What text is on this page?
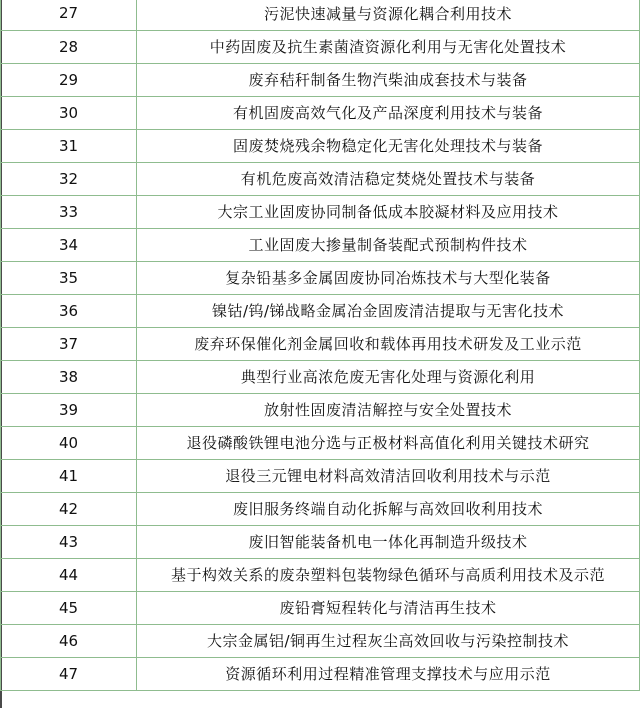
27	污泥快速减量与资源化耦合利用技术
28	中药固废及抗生素菌渣资源化利用与无害化处置技术
29	废弃秸秆制备生物汽柴油成套技术与装备
30	有机固废高效气化及产品深度利用技术与装备
31	固废焚烧残余物稳定化无害化处理技术与装备
32	有机危废高效清洁稳定焚烧处置技术与装备
33	大宗工业固废协同制备低成本胶凝材料及应用技术
34	工业固废大掺量制备装配式预制构件技术
35	复杂铅基多金属固废协同冶炼技术与大型化装备
36	镍钴/钨/锑战略金属冶金固废清洁提取与无害化技术
37	废弃环保催化剂金属回收和载体再用技术研发及工业示范
38	典型行业高浓危废无害化处理与资源化利用
39	放射性固废清洁解控与安全处置技术
40	退役磷酸铁锂电池分选与正极材料高值化利用关键技术研究
41	退役三元锂电材料高效清洁回收利用技术与示范
42	废旧服务终端自动化拆解与高效回收利用技术
43	废旧智能装备机电一体化再制造升级技术
44	基于构效关系的废杂塑料包装物绿色循环与高质利用技术及示范
45	废铅膏短程转化与清洁再生技术
46	大宗金属铝/铜再生过程灰尘高效回收与污染控制技术
47	资源循环利用过程精准管理支撑技术与应用示范
